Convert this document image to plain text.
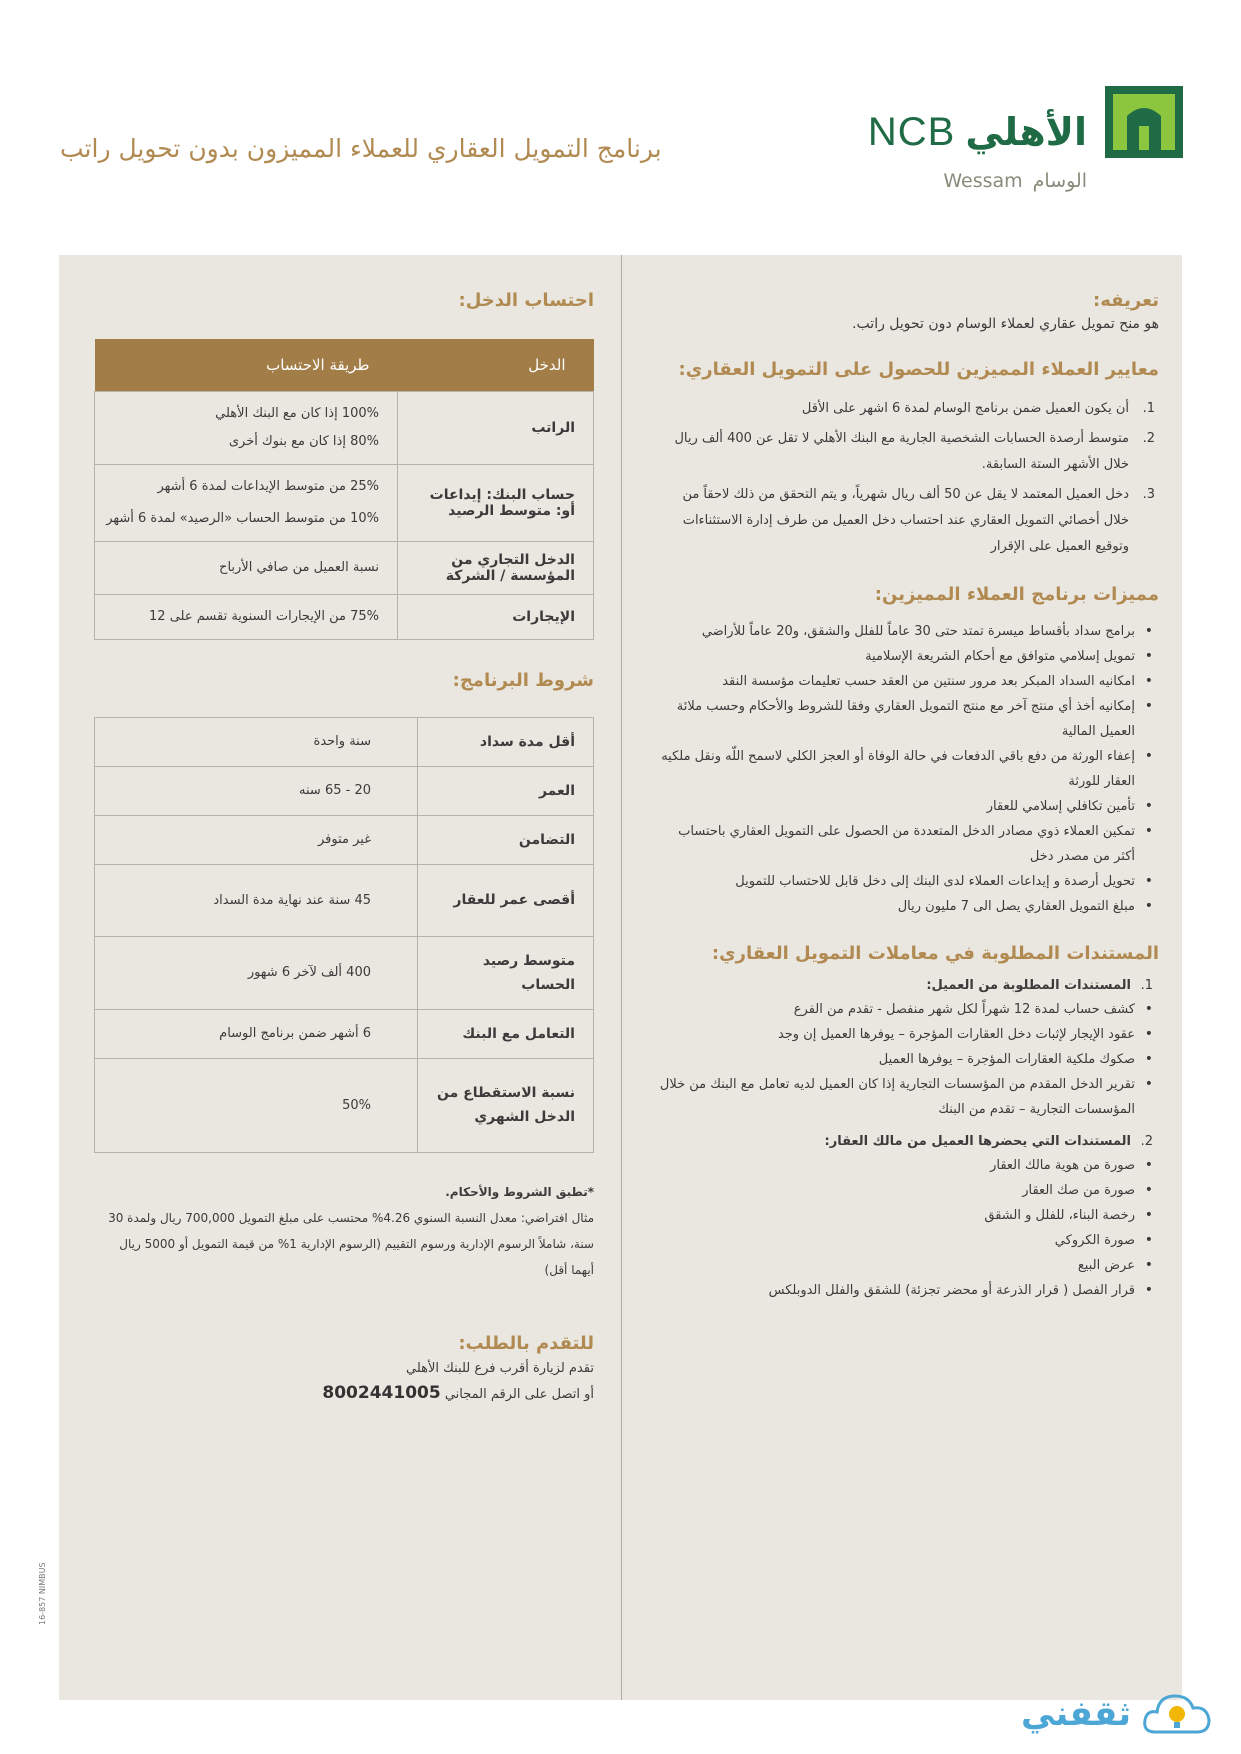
NCB الأهلي
Wessam الوسام
برنامج التمويل العقاري للعملاء المميزون بدون تحويل راتب
تعريفه:
هو منح تمويل عقاري لعملاء الوسام دون تحويل راتب.
معايير العملاء المميزين للحصول على التمويل العقاري:
1.
أن يكون العميل ضمن برنامج الوسام لمدة 6 اشهر على الأقل
2.
متوسط أرصدة الحسابات الشخصية الجارية مع البنك الأهلي لا تقل عن 400 ألف ريال خلال الأشهر الستة السابقة.
3.
دخل العميل المعتمد لا يقل عن 50 ألف ريال شهرياً، و يتم التحقق من ذلك لاحقاً من خلال أخصائي التمويل العقاري عند احتساب دخل العميل من طرف إدارة الاستثناءات وتوقيع العميل على الإقرار
مميزات برنامج العملاء المميزين:
• برامج سداد بأقساط ميسرة تمتد حتى 30 عاماً للفلل والشقق، و20 عاماً للأراضي
• تمويل إسلامي متوافق مع أحكام الشريعة الإسلامية
• امكانيه السداد المبكر بعد مرور سنتين من العقد حسب تعليمات مؤسسة النقد
• إمكانيه أخذ أي منتج آخر مع منتج التمويل العقاري وفقا للشروط والأحكام وحسب ملائة العميل المالية
• إعفاء الورثة من دفع باقي الدفعات في حالة الوفاة أو العجز الكلي لاسمح اللّه ونقل ملكيه العقار للورثة
• تأمين تكافلي إسلامي للعقار
• تمكين العملاء ذوي مصادر الدخل المتعددة من الحصول على التمويل العقاري باحتساب أكثر من مصدر دخل
• تحويل أرصدة و إيداعات العملاء لدى البنك إلى دخل قابل للاحتساب للتمويل
• مبلغ التمويل العقاري يصل الى 7 مليون ريال
المستندات المطلوبة في معاملات التمويل العقاري:
1.
المستندات المطلوبة من العميل:
• كشف حساب لمدة 12 شهراً لكل شهر منفصل - تقدم من الفرع
• عقود الإيجار لإثبات دخل العقارات المؤجرة – يوفرها العميل إن وجد
• صكوك ملكية العقارات المؤجرة – يوفرها العميل
• تقرير الدخل المقدم من المؤسسات التجارية إذا كان العميل لديه تعامل مع البنك من خلال المؤسسات التجارية – تقدم من البنك
2.
المستندات التي يحضرها العميل من مالك العقار:
• صورة من هوية مالك العقار
• صورة من صك العقار
• رخصة البناء، للفلل و الشقق
• صورة الكروكي
• عرض البيع
• قرار الفصل ( قرار الذرعة أو محضر تجزئة) للشقق والفلل الدوبلكس
احتساب الدخل:
الدخل	طريقة الاحتساب
الراتب	100% إذا كان مع البنك الأهلي
80% إذا كان مع بنوك أخرى

حساب البنك: إيداعات أو: متوسط الرصيد	25% من متوسط الإيداعات لمدة 6 أشهر
10% من متوسط الحساب «الرصيد» لمدة 6 أشهر

الدخل التجاري من المؤسسة / الشركة	نسبة العميل من صافي الأرباح

الإيجارات	75% من الإيجارات السنوية تقسم على 12
شروط البرنامج:
أقل مدة سداد	سنة واحدة
العمر	20 - 65 سنه
التضامن	غير متوفر
أقصى عمر للعقار	45 سنة عند نهاية مدة السداد
متوسط رصيد الحساب	400 ألف لآخر 6 شهور
التعامل مع البنك	6 أشهر ضمن برنامج الوسام
نسبة الاستقطاع من الدخل الشهري	50%
*تطبق الشروط والأحكام.
مثال افتراضي: معدل النسبة السنوي 4.26% محتسب على مبلغ التمويل 700,000 ريال ولمدة 30 سنة، شاملاً الرسوم الإدارية ورسوم التقييم (الرسوم الإدارية 1% من قيمة التمويل أو 5000 ريال أيهما أقل)
للتقدم بالطلب:
تقدم لزيارة أقرب فرع للبنك الأهلي
أو اتصل على الرقم المجاني 8002441005
16-857 NIMBUS
ثقفني
